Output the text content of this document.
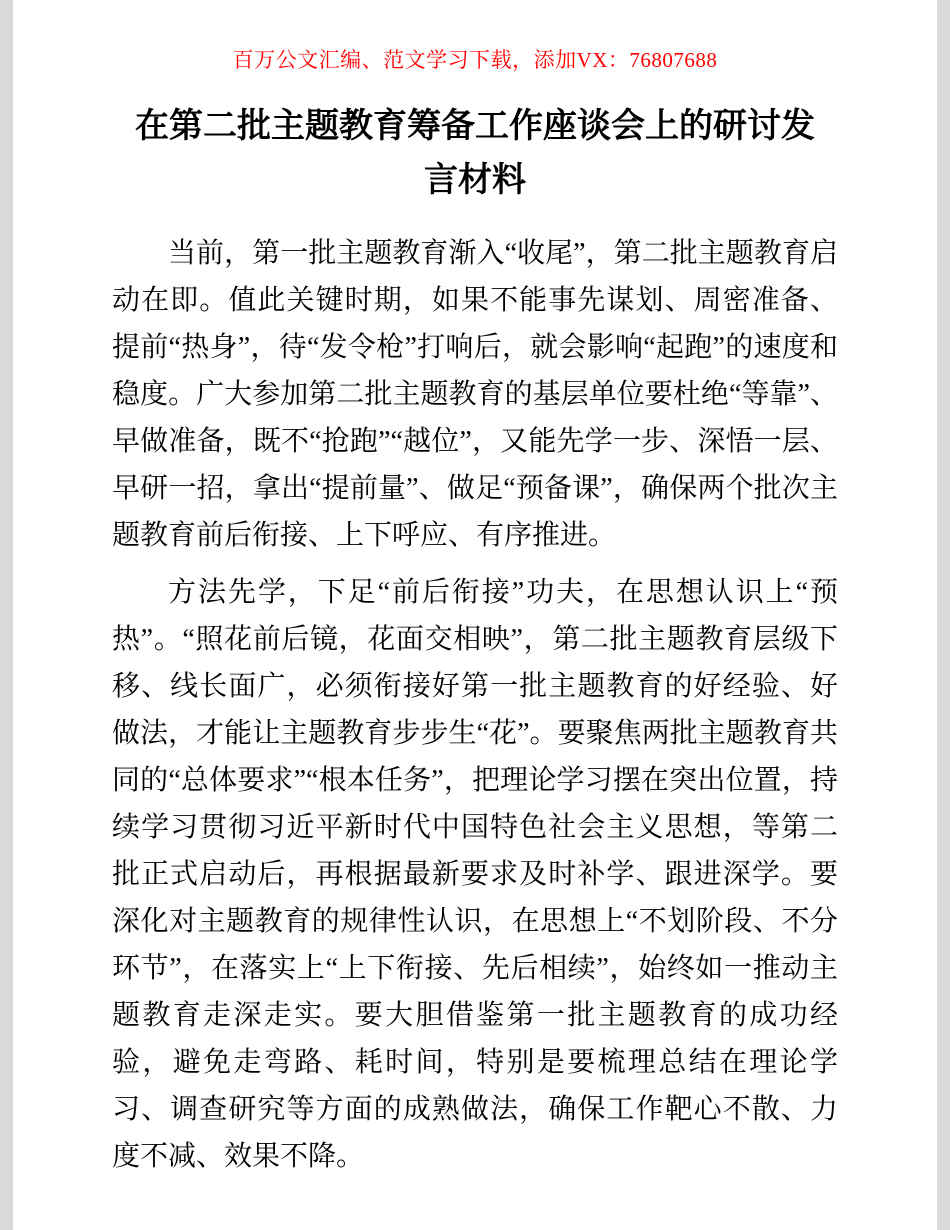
百万公文汇编、范文学习下载，添加VX：76807688
在第二批主题教育筹备工作座谈会上的研讨发言材料

当前，第一批主题教育渐入“收尾”，第二批主题教育启动在即。值此关键时期，如果不能事先谋划、周密准备、提前“热身”，待“发令枪”打响后，就会影响“起跑”的速度和稳度。广大参加第二批主题教育的基层单位要杜绝“等靠”、早做准备，既不“抢跑”“越位”，又能先学一步、深悟一层、早研一招，拿出“提前量”、做足“预备课”，确保两个批次主题教育前后衔接、上下呼应、有序推进。

方法先学，下足“前后衔接”功夫，在思想认识上“预热”。“照花前后镜，花面交相映”，第二批主题教育层级下移、线长面广，必须衔接好第一批主题教育的好经验、好做法，才能让主题教育步步生“花”。要聚焦两批主题教育共同的“总体要求”“根本任务”，把理论学习摆在突出位置，持续学习贯彻习近平新时代中国特色社会主义思想，等第二批正式启动后，再根据最新要求及时补学、跟进深学。要深化对主题教育的规律性认识，在思想上“不划阶段、不分环节”，在落实上“上下衔接、先后相续”，始终如一推动主题教育走深走实。要大胆借鉴第一批主题教育的成功经验，避免走弯路、耗时间，特别是要梳理总结在理论学习、调查研究等方面的成熟做法，确保工作靶心不散、力度不减、效果不降。
